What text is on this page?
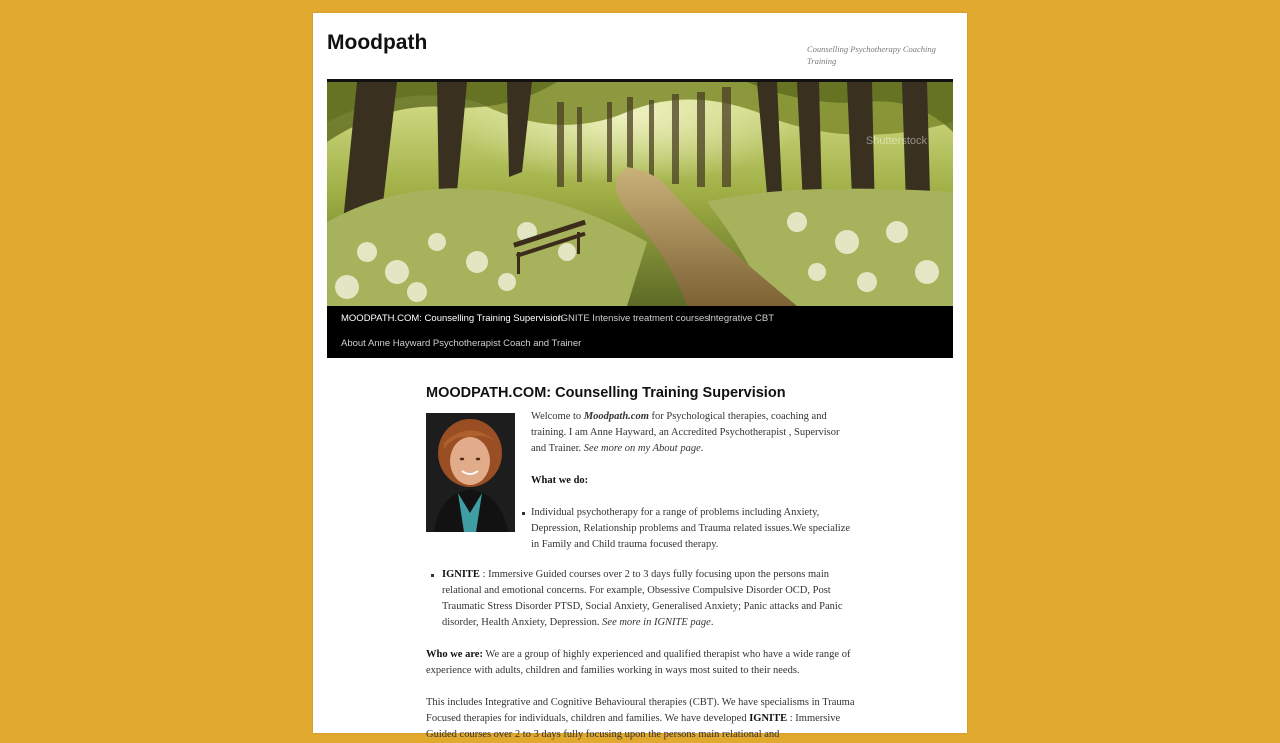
Moodpath	Counselling Psychotherapy Coaching Training
Shutterstock
MOODPATH.COM: Counselling Training Supervision
IGNITE Intensive treatment courses
Integrative CBT
About Anne Hayward Psychotherapist Coach and Trainer
MOODPATH.COM: Counselling Training Supervision

Welcome to Moodpath.com for Psychological therapies, coaching and training. I am Anne Hayward, an Accredited Psychotherapist , Supervisor and Trainer. See more on my About page.

What we do:

Individual psychotherapy for a range of problems including Anxiety, Depression, Relationship problems and Trauma related issues.We specialize in Family and Child trauma focused therapy.
IGNITE : Immersive Guided courses over 2 to 3 days fully focusing upon the persons main relational and emotional concerns. For example, Obsessive Compulsive Disorder OCD, Post Traumatic Stress Disorder PTSD, Social Anxiety, Generalised Anxiety; Panic attacks and Panic disorder, Health Anxiety, Depression. See more in IGNITE page.
Who we are: We are a group of highly experienced and qualified therapist who have a wide range of experience with adults, children and families working in ways most suited to their needs.
This includes Integrative and Cognitive Behavioural therapies (CBT). We have specialisms in Trauma Focused therapies for individuals, children and families. We have developed IGNITE : Immersive Guided courses over 2 to 3 days fully focusing upon the persons main relational and
